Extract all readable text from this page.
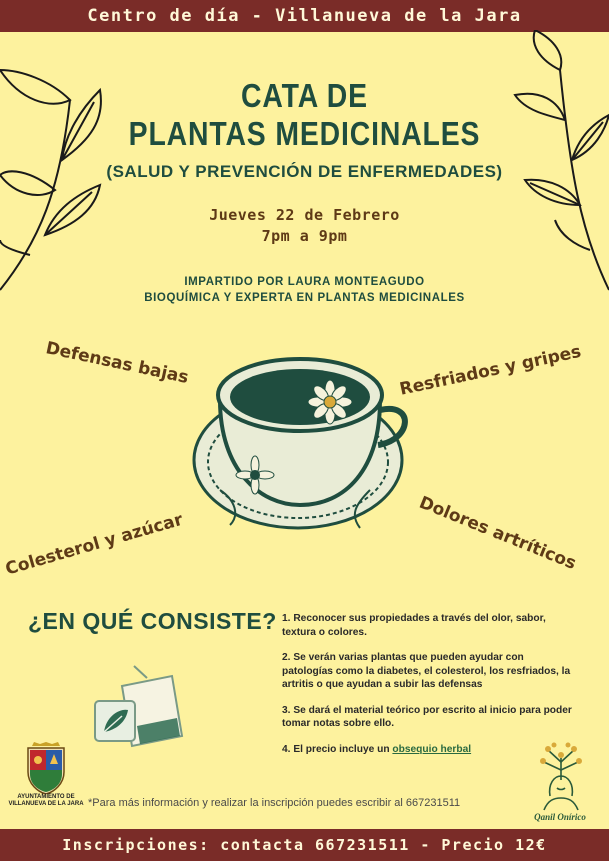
Centro de día - Villanueva de la Jara
CATA DE
PLANTAS MEDICINALES
(SALUD Y PREVENCIÓN DE ENFERMEDADES)
Jueves 22 de Febrero
7pm a 9pm
IMPARTIDO POR LAURA MONTEAGUDO
BIOQUÍMICA Y EXPERTA EN PLANTAS MEDICINALES
Defensas bajas	Resfriados y gripes
Colesterol y azúcar	Dolores artríticos
¿EN QUÉ CONSISTE? 1. Reconocer sus propiedades a través del olor, sabor, textura o colores.

2. Se verán varias plantas que pueden ayudar con patologías como la diabetes, el colesterol, los resfriados, la artritis o que ayudan a subir las defensas

3. Se dará el material teórico por escrito al inicio para poder tomar notas sobre ello.

4. El precio incluye un obsequio herbal

AYUNTAMIENTO DE
VILLANUEVA DE LA JARA *Para más información y realizar la inscripción puedes escribir al 667231511
Qanil Onírico
Inscripciones: contacta 667231511 - Precio 12€
